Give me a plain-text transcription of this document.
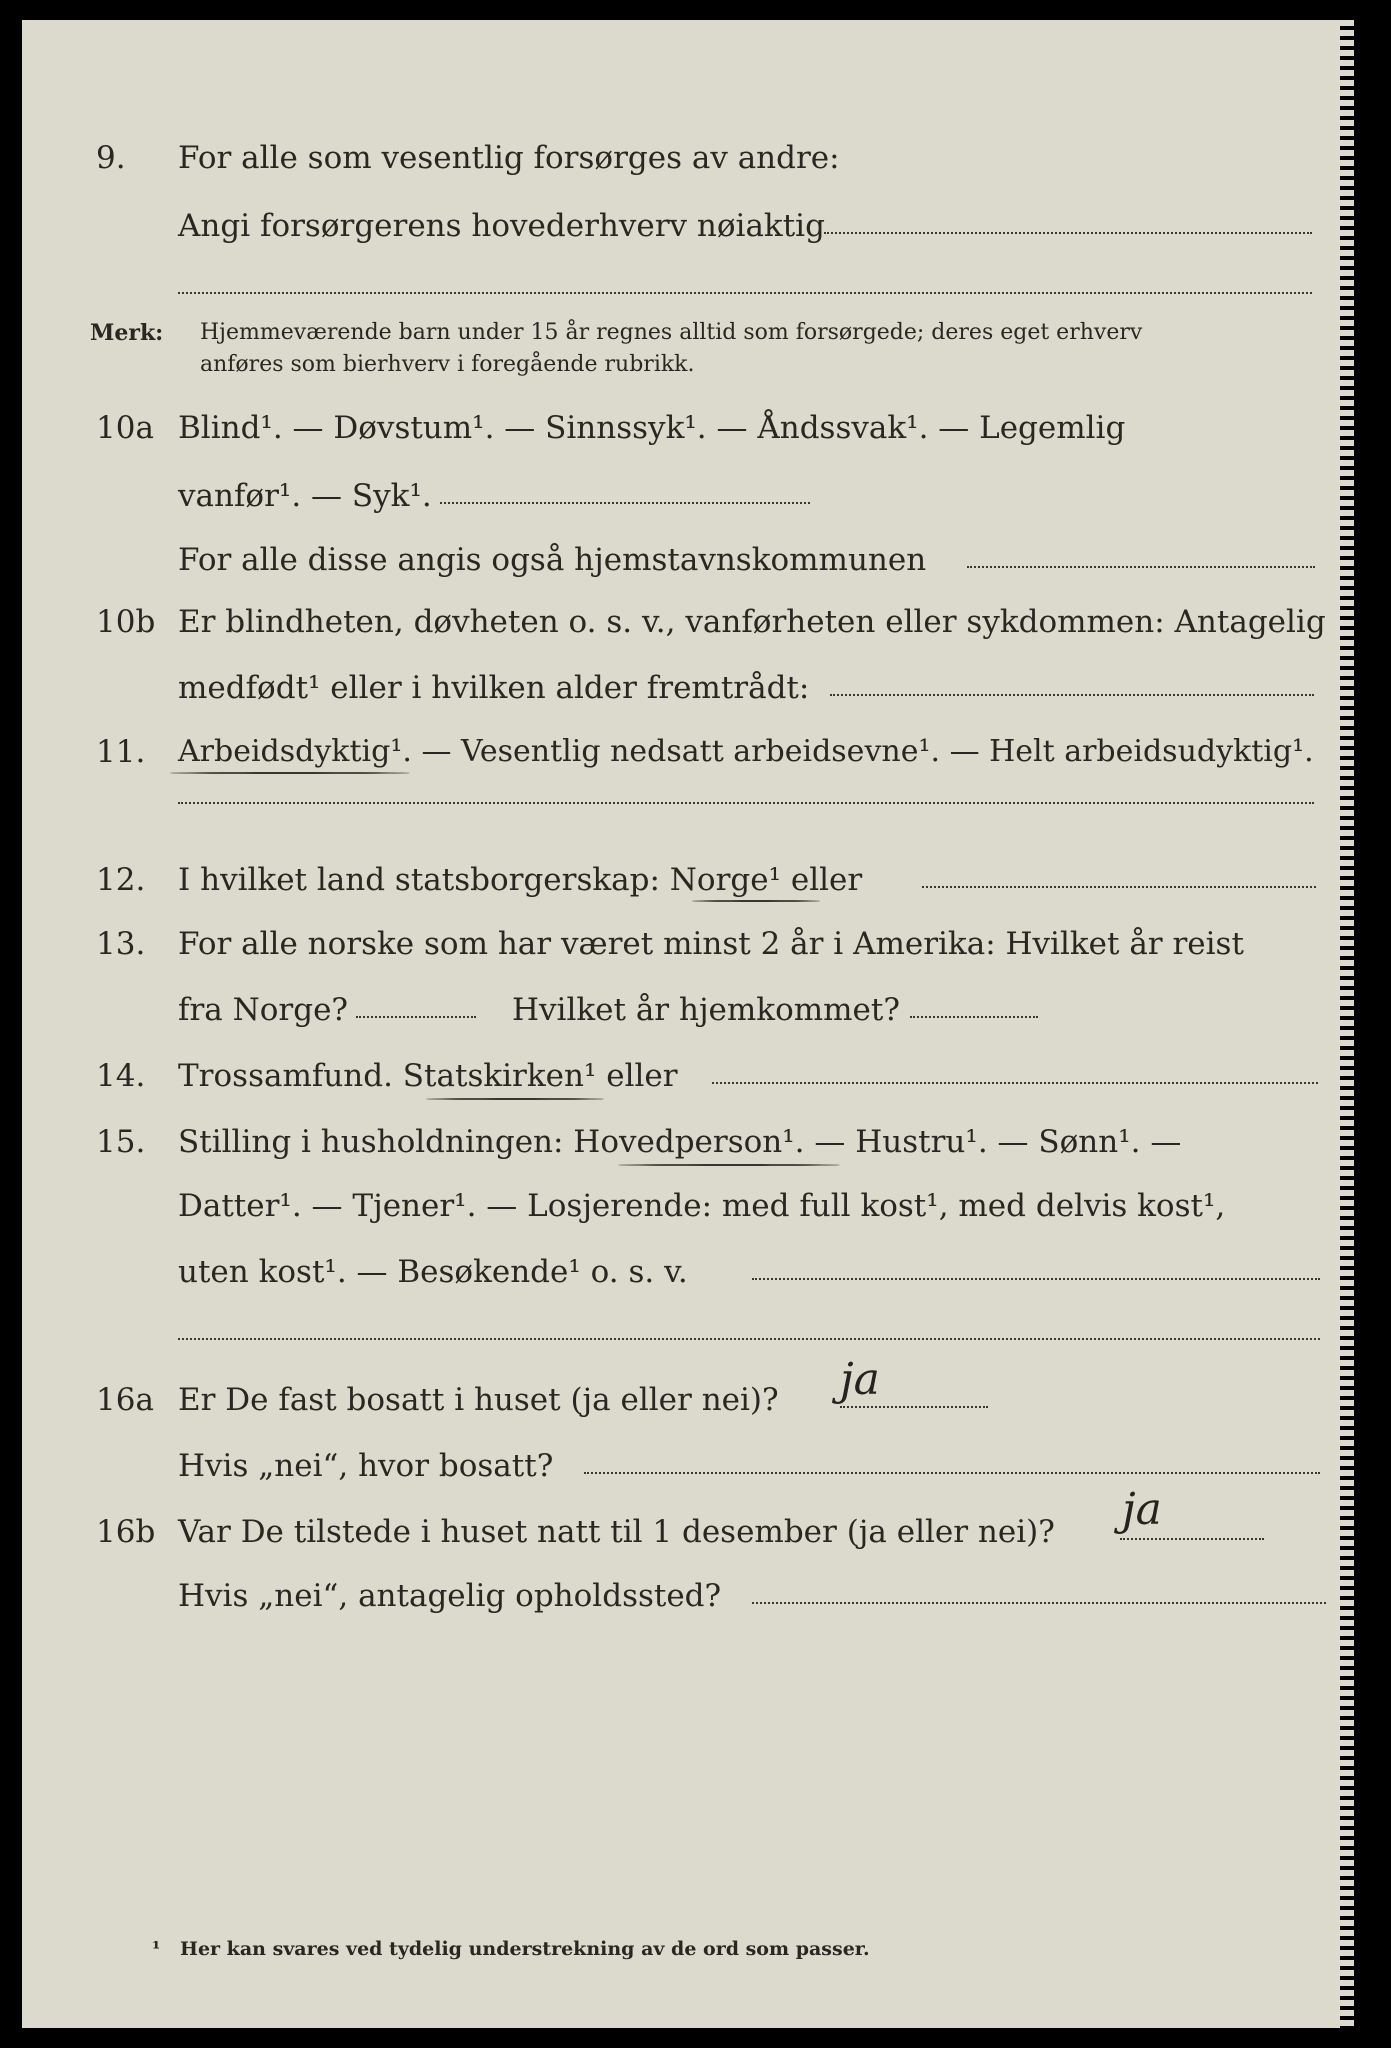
9. For alle som vesentlig forsørges av andre:
Angi forsørgerens hovederhverv nøiaktig
Merk: Hjemmeværende barn under 15 år regnes alltid som forsørgede; deres eget erhverv
anføres som bierhverv i foregående rubrikk.
10a Blind¹. — Døvstum¹. — Sinnssyk¹. — Åndssvak¹. — Legemlig
vanfør¹. — Syk¹.
For alle disse angis også hjemstavnskommunen
10b Er blindheten, døvheten o. s. v., vanførheten eller sykdommen: Antagelig
medfødt¹ eller i hvilken alder fremtrådt:
11. Arbeidsdyktig¹. — Vesentlig nedsatt arbeidsevne¹. — Helt arbeidsudyktig¹.
12. I hvilket land statsborgerskap: Norge¹ eller
13. For alle norske som har været minst 2 år i Amerika: Hvilket år reist
fra Norge?	Hvilket år hjemkommet?
14. Trossamfund. Statskirken¹ eller
15. Stilling i husholdningen: Hovedperson¹. — Hustru¹. — Sønn¹. —
Datter¹. — Tjener¹. — Losjerende: med full kost¹, med delvis kost¹,
uten kost¹. — Besøkende¹ o. s. v.
16a Er De fast bosatt i huset (ja eller nei)? ja
Hvis „nei“, hvor bosatt?
16b Var De tilstede i huset natt til 1 desember (ja eller nei)? ja
Hvis „nei“, antagelig opholdssted?
¹ Her kan svares ved tydelig understrekning av de ord som passer.
